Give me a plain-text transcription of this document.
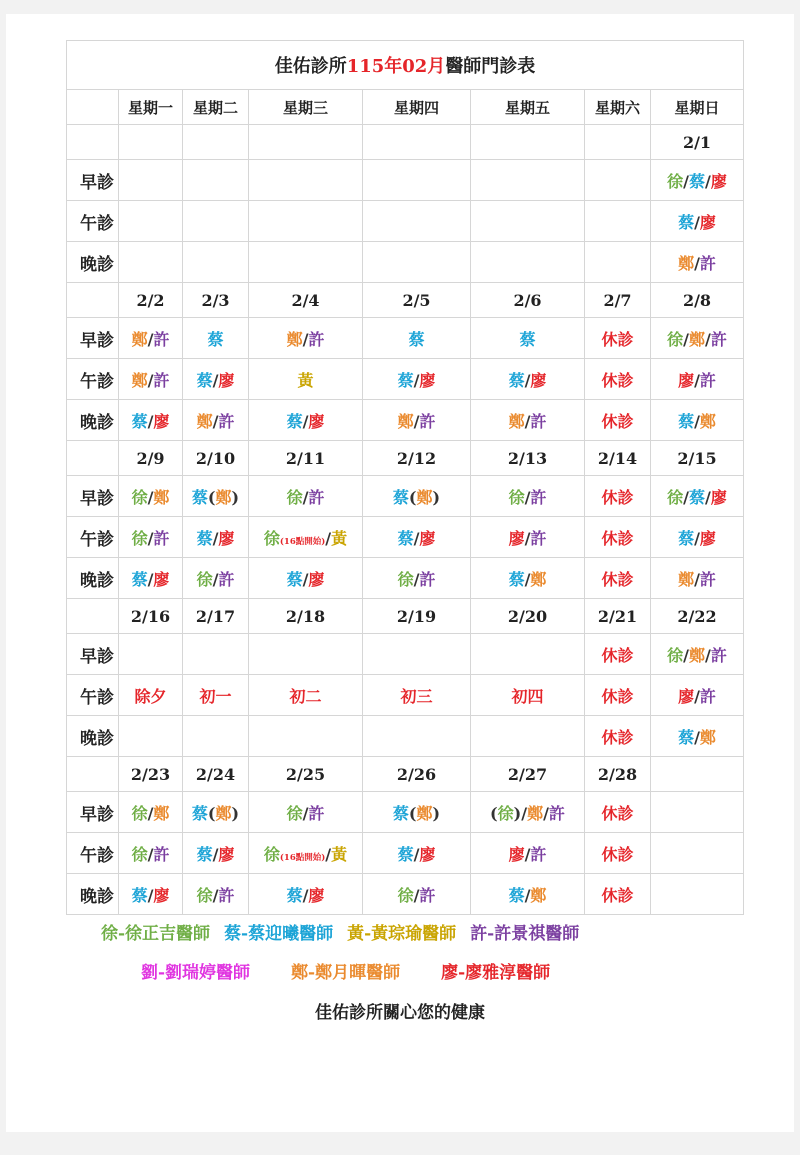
佳佑診所115年02月醫師門診表							
	星期一	星期二	星期三	星期四	星期五	星期六	星期日
							2/1
早診							徐/蔡/廖
午診							蔡/廖
晚診							鄭/許
	2/2	2/3	2/4	2/5	2/6	2/7	2/8
早診	鄭/許	蔡	鄭/許	蔡	蔡	休診	徐/鄭/許
午診	鄭/許	蔡/廖	黃	蔡/廖	蔡/廖	休診	廖/許
晚診	蔡/廖	鄭/許	蔡/廖	鄭/許	鄭/許	休診	蔡/鄭
	2/9	2/10	2/11	2/12	2/13	2/14	2/15
早診	徐/鄭	蔡(鄭)	徐/許	蔡(鄭)	徐/許	休診	徐/蔡/廖
午診	徐/許	蔡/廖	徐(16點開始)/黃	蔡/廖	廖/許	休診	蔡/廖
晚診	蔡/廖	徐/許	蔡/廖	徐/許	蔡/鄭	休診	鄭/許
	2/16	2/17	2/18	2/19	2/20	2/21	2/22
早診						休診	徐/鄭/許
午診	除夕	初一	初二	初三	初四	休診	廖/許
晚診						休診	蔡/鄭
	2/23	2/24	2/25	2/26	2/27	2/28	
早診	徐/鄭	蔡(鄭)	徐/許	蔡(鄭)	(徐)/鄭/許	休診	
午診	徐/許	蔡/廖	徐(16點開始)/黃	蔡/廖	廖/許	休診	
晚診	蔡/廖	徐/許	蔡/廖	徐/許	蔡/鄭	休診	
徐-徐正吉醫師 蔡-蔡迎曦醫師 黃-黃琮瑜醫師 許-許景祺醫師
劉-劉瑞婷醫師 鄭-鄭月暉醫師 廖-廖雅淳醫師
佳佑診所關心您的健康
